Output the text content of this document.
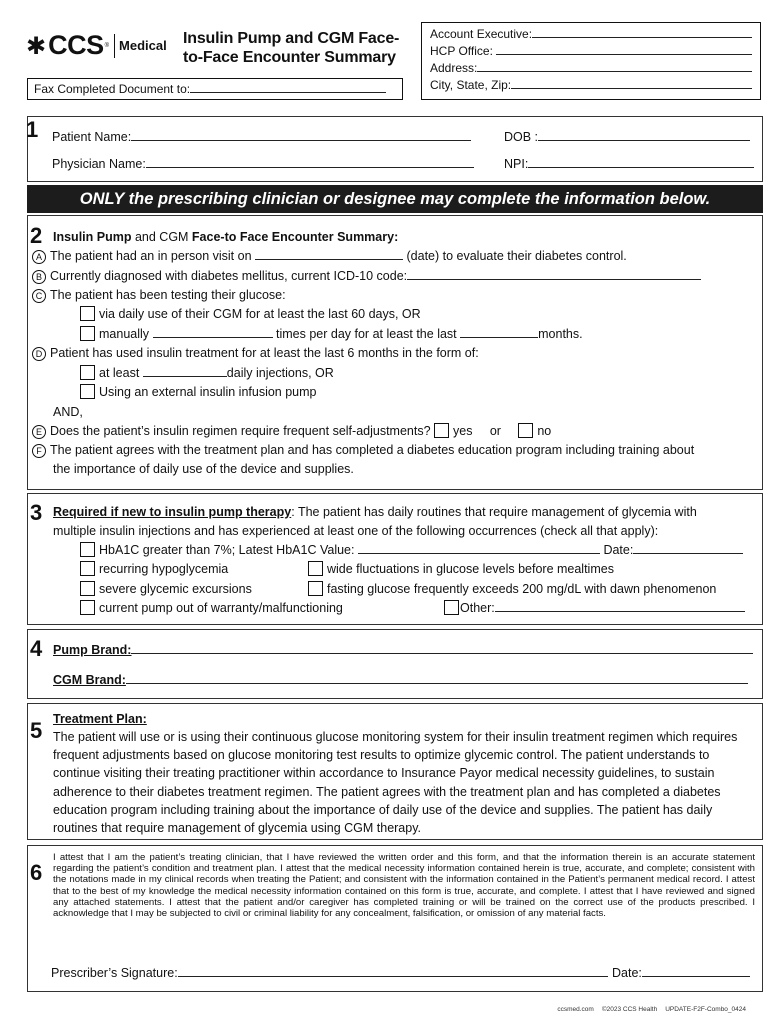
✱ CCS ® Medical Insulin Pump and CGM Face-
to-Face Encounter Summary
Fax Completed Document to:
Account Executive:
HCP Office:

Address:
City, State, Zip:
1 Patient Name:	DOB :
Physician Name:	NPI:
ONLY the prescribing clinician or designee may complete the information below.
2 Insulin Pump and CGM Face-to Face Encounter Summary:
A The patient had an in person visit on	(date) to evaluate their diabetes control.
B Currently diagnosed with diabetes mellitus, current ICD-10 code:
C The patient has been testing their glucose:
via daily use of their CGM for at least the last 60 days, OR
manually	times per day for at least the last	months.
D Patient has used insulin treatment for at least the last 6 months in the form of:
at least	daily injections, OR
Using an external insulin infusion pump
AND,
E Does the patient’s insulin regimen require frequent self-adjustments? yes or	no
F The patient agrees with the treatment plan and has completed a diabetes education program including training about
the importance of daily use of the device and supplies.
3 Required if new to insulin pump therapy: The patient has daily routines that require management of glycemia with
multiple insulin injections and has experienced at least one of the following occurrences (check all that apply):
HbA1C greater than 7%; Latest HbA1C Value:	Date:
recurring hypoglycemia	wide fluctuations in glucose levels before mealtimes
severe glycemic excursions	fasting glucose frequently exceeds 200 mg/dL with dawn phenomenon
current pump out of warranty/malfunctioning	Other:
4 Pump Brand:
CGM Brand:
5 Treatment Plan:
The patient will use or is using their continuous glucose monitoring system for their insulin treatment regimen which requires frequent adjustments based on glucose monitoring test results to optimize glycemic control. The patient understands to continue visiting their treating practitioner within accordance to Insurance Payor medical necessity guidelines, to sustain adherence to their diabetes treatment regimen. The patient agrees with the treatment plan and has completed a diabetes education program including training about the importance of daily use of the device and supplies. The patient has daily routines that require management of glycemia using CGM therapy.
6
I attest that I am the patient’s treating clinician, that I have reviewed the written order and this form, and that the information therein is an accurate statement regarding the patient’s condition and treatment plan. I attest that the medical necessity information contained herein is true, accurate, and complete; consistent with the notations made in my clinical records when treating the Patient; and consistent with the information contained in the Patient’s permanent medical record. I attest that to the best of my knowledge the medical necessity information contained on this form is true, accurate, and complete. I attest that I have reviewed and signed any attached statements. I attest that the patient and/or caregiver has completed training or will be trained on the correct use of the products prescribed. I acknowledge that I may be subjected to civil or criminal liability for any concealment, falsification, or omission of any material facts.
Prescriber’s Signature:	Date:
ccsmed.com ©2023 CCS Health UPDATE-F2F-Combo_0424
